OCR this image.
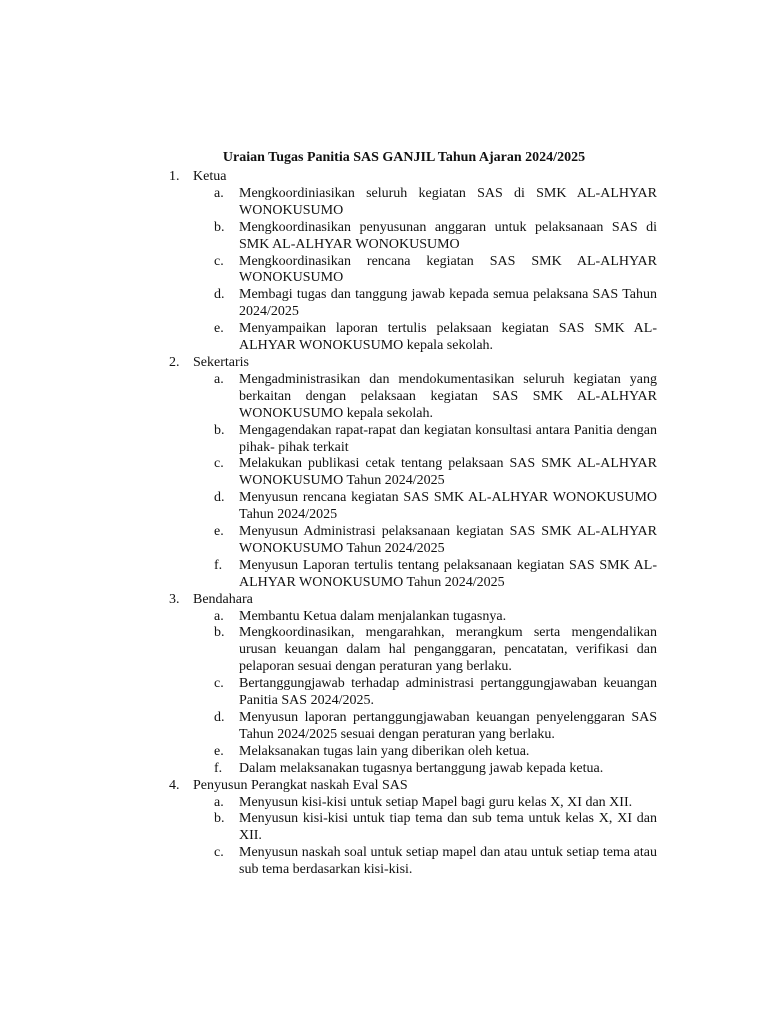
Uraian Tugas Panitia SAS GANJIL Tahun Ajaran 2024/2025
1. Ketua
a.	Mengkoordiniasikan seluruh kegiatan SAS di SMK AL-ALHYAR WONOKUSUMO
b.	Mengkoordinasikan penyusunan anggaran untuk pelaksanaan SAS di SMK AL-ALHYAR WONOKUSUMO
c.	Mengkoordinasikan rencana kegiatan SAS SMK AL-ALHYAR WONOKUSUMO
d.	Membagi tugas dan tanggung jawab kepada semua pelaksana SAS Tahun 2024/2025
e.	Menyampaikan laporan tertulis pelaksaan kegiatan SAS SMK AL-ALHYAR WONOKUSUMO kepala sekolah.
2. Sekertaris
a.	Mengadministrasikan dan mendokumentasikan seluruh kegiatan yang berkaitan dengan pelaksaan kegiatan SAS SMK AL-ALHYAR WONOKUSUMO kepala sekolah.
b.	Mengagendakan rapat-rapat dan kegiatan konsultasi antara Panitia dengan pihak- pihak terkait
c.	Melakukan publikasi cetak tentang pelaksaan SAS SMK AL-ALHYAR WONOKUSUMO Tahun 2024/2025
d.	Menyusun rencana kegiatan SAS SMK AL-ALHYAR WONOKUSUMO Tahun 2024/2025
e.	Menyusun Administrasi pelaksanaan kegiatan SAS SMK AL-ALHYAR WONOKUSUMO Tahun 2024/2025
f.	Menyusun Laporan tertulis tentang pelaksanaan kegiatan SAS SMK AL-ALHYAR WONOKUSUMO Tahun 2024/2025
3. Bendahara
a.	Membantu Ketua dalam menjalankan tugasnya.
b.	Mengkoordinasikan, mengarahkan, merangkum serta mengendalikan urusan keuangan dalam hal penganggaran, pencatatan, verifikasi dan pelaporan sesuai dengan peraturan yang berlaku.
c.	Bertanggungjawab terhadap administrasi pertanggungjawaban keuangan Panitia SAS 2024/2025.
d.	Menyusun laporan pertanggungjawaban keuangan penyelenggaran SAS Tahun 2024/2025 sesuai dengan peraturan yang berlaku.
e.	Melaksanakan tugas lain yang diberikan oleh ketua.
f.	Dalam melaksanakan tugasnya bertanggung jawab kepada ketua.
4. Penyusun Perangkat naskah Eval SAS
a.	Menyusun kisi-kisi untuk setiap Mapel bagi guru kelas X, XI dan XII.
b.	Menyusun kisi-kisi untuk tiap tema dan sub tema untuk kelas X, XI dan XII.
c.	Menyusun naskah soal untuk setiap mapel dan atau untuk setiap tema atau sub tema berdasarkan kisi-kisi.
